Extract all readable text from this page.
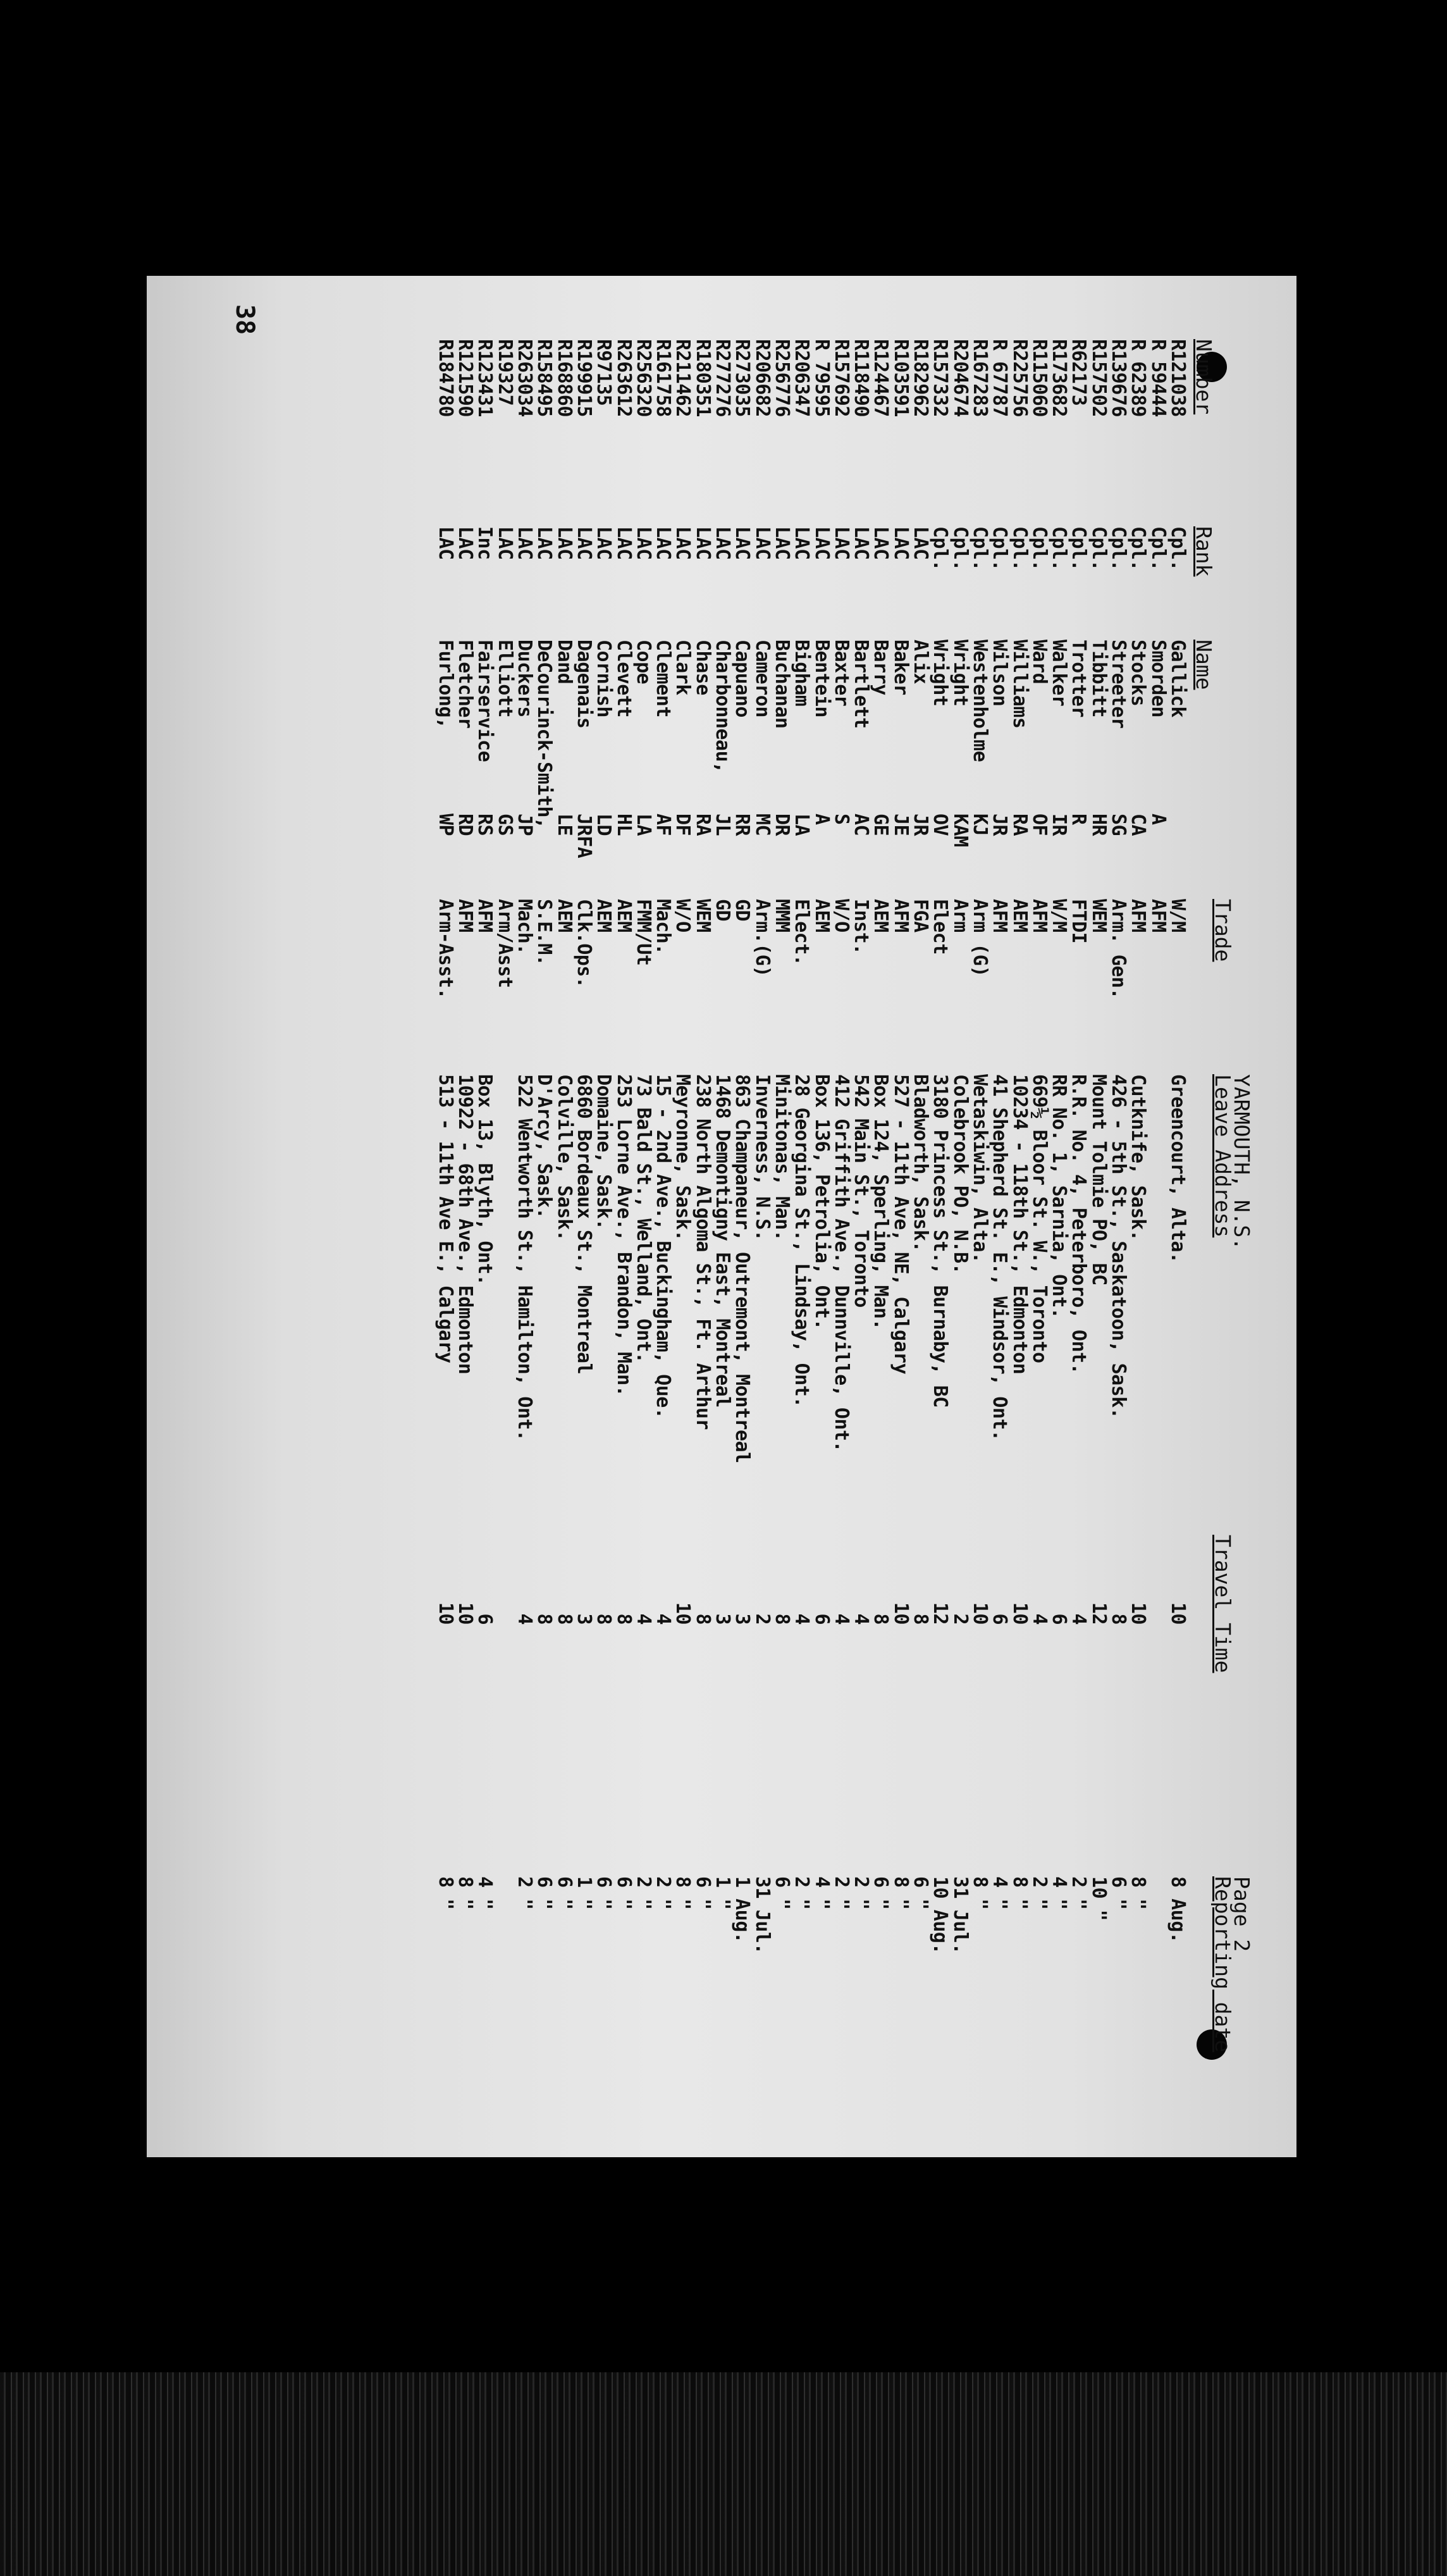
38
YARMOUTH, N.S.
Page 2
Number
Rank
Name
Trade
Leave Address
Travel Time
Reporting date
R121038
Cpl.
Gallick
W/M
Greencourt, Alta.
10
8 Aug.
R 59444
Cpl.
Smorden
A
AFM
R 62389
Cpl.
Stocks
CA
AFM
Cutknife, Sask.
10
8 "
R139676
Cpl.
Streeter
SG
Arm. Gen.
426 - 5th St., Saskatoon, Sask.
8
6 "
R157502
Cpl.
Tibbitt
HR
WEM
Mount Tolmie PO, BC
12
10 "
R62173
Cpl.
Trotter
R
FTDI
R.R. No. 4, Peterboro, Ont.
4
2 "
R173682
Cpl.
Walker
IR
W/M
RR No. 1, Sarnia, Ont.
6
4 "
R115060
Cpl.
Ward
OF
AFM
669½ Bloor St. W., Toronto
4
2 "
R225756
Cpl.
Williams
RA
AEM
10234 - 118th St., Edmonton
10
8 "
R 67787
Cpl.
Wilson
JR
AFM
41 Shepherd St. E., Windsor, Ont.
6
4 "
R167283
Cpl.
Westenholme
KJ
Arm (G)
Wetaskiwin, Alta.
10
8 "
R204674
Cpl.
Wright
KAM
Arm
Colebrook PO, N.B.
2
31 Jul.
R157332
Cpl.
Wright
OV
Elect
3180 Princess St., Burnaby, BC
12
10 Aug.
R182962
LAC
Alix
JR
FGA
Bladworth, Sask.
8
6 "
R103591
LAC
Baker
JE
AFM
527 - 11th Ave, NE, Calgary
10
8 "
R124467
LAC
Barry
GE
AEM
Box 124, Sperling, Man.
8
6 "
R118490
LAC
Bartlett
AC
Inst.
542 Main St., Toronto
4
2 "
R157692
LAC
Baxter
S
W/O
412 Griffith Ave., Dunnville, Ont.
4
2 "
R 79595
LAC
Bentein
A
AEM
Box 136, Petrolia, Ont.
6
4 "
R206347
LAC
Bigham
LA
Elect.
28 Georgina St., Lindsay, Ont.
4
2 "
R256776
LAC
Buchanan
DR
MMM
Minitonas, Man.
8
6 "
R206682
LAC
Cameron
MC
Arm.(G)
Inverness, N.S.
2
31 Jul.
R273035
LAC
Capuano
RR
GD
863 Champaneur, Outremont, Montreal
3
1 Aug.
R277276
LAC
Charbonneau,
JL
GD
1468 Demontigny East, Montreal
3
1 "
R180351
LAC
Chase
RA
WEM
238 North Algoma St., Ft. Arthur
8
6 "
R211462
LAC
Clark
DF
W/O
Meyronne, Sask.
10
8 "
R161758
LAC
Clement
AF
Mach.
15 - 2nd Ave., Buckingham, Que.
4
2 "
R256320
LAC
Cope
LA
FMM/Ut
73 Bald St., Welland, Ont.
4
2 "
R263612
LAC
Clevett
HL
AEM
253 Lorne Ave., Brandon, Man.
8
6 "
R97135
LAC
Cornish
LD
AEM
Domaine, Sask.
8
6 "
R199915
LAC
Dagenais
JRFA
Clk.Ops.
6860 Bordeaux St., Montreal
3
1 "
R168860
LAC
Dand
LE
AEM
Colville, Sask.
8
6 "
R158495
LAC
DeCourinck-Smith,
S.E.M.
D'Arcy, Sask.
8
6 "
R263034
LAC
Duckers
JP
Mach.
522 Wentworth St., Hamilton, Ont.
4
2 "
R19327
LAC
Elliott
GS
Arm/Asst
R123431
Inc
Fairservice
RS
AFM
Box 13, Blyth, Ont.
6
4 "
R121590
LAC
Fletcher
RD
AFM
10922 - 68th Ave., Edmonton
10
8 "
R184780
LAC
Furlong,
WP
Arm-Asst.
513 - 11th Ave E., Calgary
10
8 "
